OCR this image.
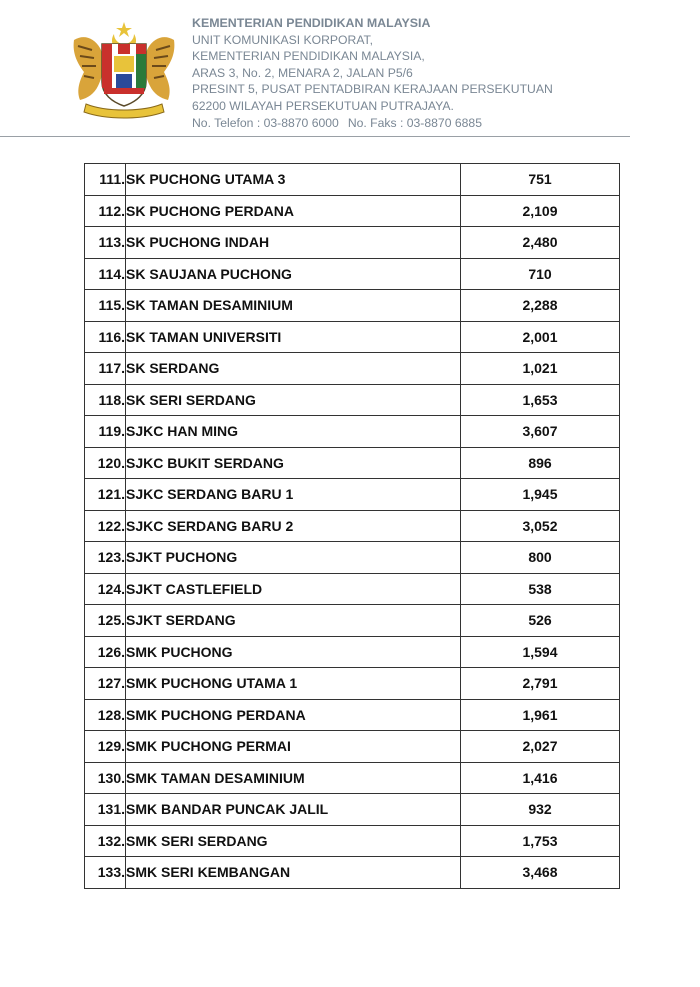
KEMENTERIAN PENDIDIKAN MALAYSIA
UNIT KOMUNIKASI KORPORAT,
KEMENTERIAN PENDIDIKAN MALAYSIA,
ARAS 3, No. 2, MENARA 2, JALAN P5/6
PRESINT 5, PUSAT PENTADBIRAN KERAJAAN PERSEKUTUAN
62200 WILAYAH PERSEKUTUAN PUTRAJAYA.
No. Telefon : 03-8870 6000 No. Faks : 03-8870 6885
111.	SK PUCHONG UTAMA 3	751
112.	SK PUCHONG PERDANA	2,109
113.	SK PUCHONG INDAH	2,480
114.	SK SAUJANA PUCHONG	710
115.	SK TAMAN DESAMINIUM	2,288
116.	SK TAMAN UNIVERSITI	2,001
117.	SK SERDANG	1,021
118.	SK SERI SERDANG	1,653
119.	SJKC HAN MING	3,607
120.	SJKC BUKIT SERDANG	896
121.	SJKC SERDANG BARU 1	1,945
122.	SJKC SERDANG BARU 2	3,052
123.	SJKT PUCHONG	800
124.	SJKT CASTLEFIELD	538
125.	SJKT SERDANG	526
126.	SMK PUCHONG	1,594
127.	SMK PUCHONG UTAMA 1	2,791
128.	SMK PUCHONG PERDANA	1,961
129.	SMK PUCHONG PERMAI	2,027
130.	SMK TAMAN DESAMINIUM	1,416
131.	SMK BANDAR PUNCAK JALIL	932
132.	SMK SERI SERDANG	1,753
133.	SMK SERI KEMBANGAN	3,468
